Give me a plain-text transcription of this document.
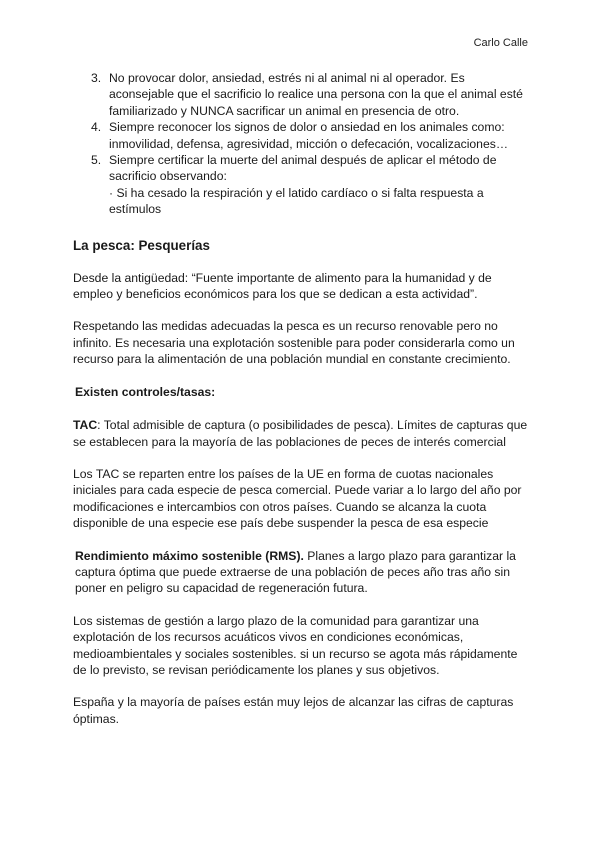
Carlo Calle
3. No provocar dolor, ansiedad, estrés ni al animal ni al operador. Es aconsejable que el sacrificio lo realice una persona con la que el animal esté familiarizado y NUNCA sacrificar un animal en presencia de otro.
4. Siempre reconocer los signos de dolor o ansiedad en los animales como: inmovilidad, defensa, agresividad, micción o defecación, vocalizaciones…
5. Siempre certificar la muerte del animal después de aplicar el método de sacrificio observando:
· Si ha cesado la respiración y el latido cardíaco o si falta respuesta a estímulos
La pesca: Pesquerías

Desde la antigüedad: “Fuente importante de alimento para la humanidad y de empleo y beneficios económicos para los que se dedican a esta actividad”.

Respetando las medidas adecuadas la pesca es un recurso renovable pero no infinito. Es necesaria una explotación sostenible para poder considerarla como un recurso para la alimentación de una población mundial en constante crecimiento.

Existen controles/tasas:

TAC: Total admisible de captura (o posibilidades de pesca). Límites de capturas que se establecen para la mayoría de las poblaciones de peces de interés comercial

Los TAC se reparten entre los países de la UE en forma de cuotas nacionales iniciales para cada especie de pesca comercial. Puede variar a lo largo del año por modificaciones e intercambios con otros países. Cuando se alcanza la cuota disponible de una especie ese país debe suspender la pesca de esa especie

Rendimiento máximo sostenible (RMS). Planes a largo plazo para garantizar la captura óptima que puede extraerse de una población de peces año tras año sin poner en peligro su capacidad de regeneración futura.

Los sistemas de gestión a largo plazo de la comunidad para garantizar una explotación de los recursos acuáticos vivos en condiciones económicas, medioambientales y sociales sostenibles. si un recurso se agota más rápidamente de lo previsto, se revisan periódicamente los planes y sus objetivos.

España y la mayoría de países están muy lejos de alcanzar las cifras de capturas óptimas.
